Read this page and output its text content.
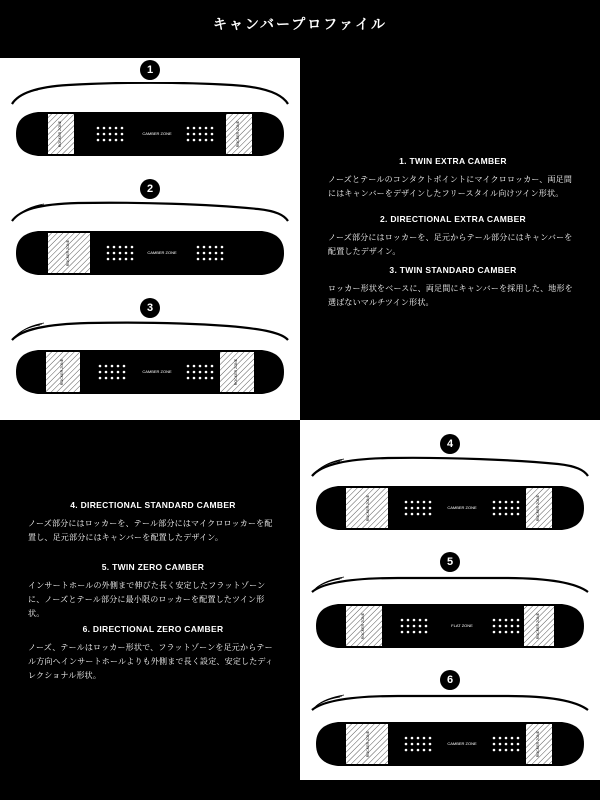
キャンバープロファイル
1
ROCKER ZONE	ROCKER ZONE
CAMBER ZONE
2
ROCKER ZONE	CAMBER ZONE
3
ROCKER ZONE	ROCKER ZONE
CAMBER ZONE
1. TWIN EXTRA CAMBER
ノーズとテールのコンタクトポイントにマイクロロッカー、両足間にはキャンバーをデザインしたフリースタイル向けツイン形状。
2. DIRECTIONAL EXTRA CAMBER
ノーズ部分にはロッカーを、足元からテール部分にはキャンバーを配置したデザイン。
3. TWIN STANDARD CAMBER
ロッカー形状をベースに、両足間にキャンバーを採用した、地形を選ばないマルチツイン形状。
4. DIRECTIONAL STANDARD CAMBER
ノーズ部分にはロッカーを、テール部分にはマイクロロッカーを配置し、足元部分にはキャンバーを配置したデザイン。
5. TWIN ZERO CAMBER
インサートホールの外側まで伸びた長く安定したフラットゾーンに、ノーズとテール部分に最小限のロッカーを配置したツイン形状。
6. DIRECTIONAL ZERO CAMBER
ノーズ、テールはロッカー形状で、フラットゾーンを足元からテール方向へインサートホールよりも外側まで長く設定、安定したディレクショナル形状。
4
ROCKER ZONE	ROCKER ZONE
CAMBER ZONE
5
ROCKER ZONE	ROCKER ZONE
FLAT ZONE
6
ROCKER ZONE	ROCKER ZONE
CAMBER ZONE
